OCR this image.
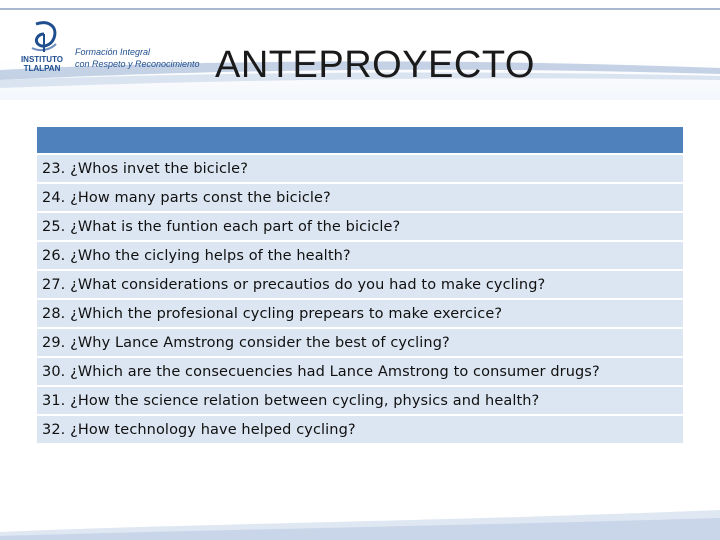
INSTITUTO
TLALPAN
Formación Integral
con Respeto y Reconocimiento ANTEPROYECTO
23. ¿Whos invet the bicicle?
24. ¿How many parts const the bicicle?
25. ¿What is the funtion each part of the bicicle?
26. ¿Who the ciclying helps of the health?
27. ¿What considerations or precautios do you had to make cycling?
28. ¿Which the profesional cycling prepears to make exercice?
29. ¿Why Lance Amstrong consider the best of cycling?
30. ¿Which are the consecuencies had Lance Amstrong to consumer drugs?
31. ¿How the science relation between cycling, physics and health?
32. ¿How technology have helped cycling?
